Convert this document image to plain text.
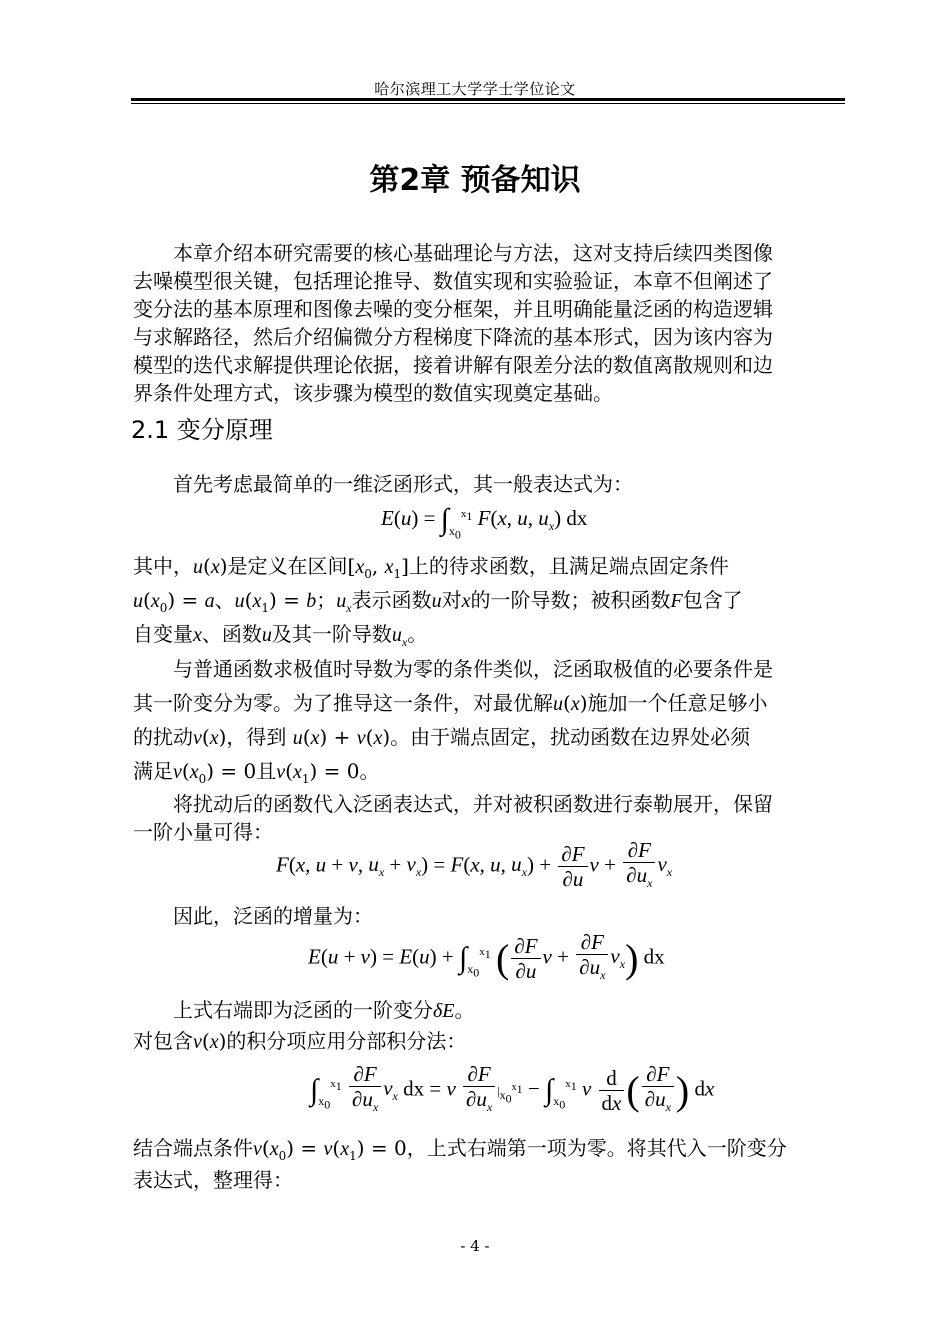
哈尔滨理工大学学士学位论文
第2章 预备知识
本章介绍本研究需要的核心基础理论与方法，这对支持后续四类图像
去噪模型很关键，包括理论推导、数值实现和实验验证，本章不但阐述了
变分法的基本原理和图像去噪的变分框架，并且明确能量泛函的构造逻辑
与求解路径，然后介绍偏微分方程梯度下降流的基本形式，因为该内容为
模型的迭代求解提供理论依据，接着讲解有限差分法的数值离散规则和边
界条件处理方式，该步骤为模型的数值实现奠定基础。
2.1 变分原理
首先考虑最简单的一维泛函形式，其一般表达式为：
$E(u) = \int_{x_0}^{x_1}$ F(x, u, $u_x$) dx
其中，u(x)是定义在区间[$x_0$, $x_1$]上的待求函数，且满足端点固定条件
$u(x_0) = a$、$u(x_1) = b$；$u_x$表示函数u对x的一阶导数；被积函数F包含了
自变量x、函数u及其一阶导数$u_x$。
与普通函数求极值时导数为零的条件类似，泛函取极值的必要条件是
其一阶变分为零。为了推导这一条件，对最优解u(x)施加一个任意足够小
的扰动v(x)，得到 u(x) + v(x)。由于端点固定，扰动函数在边界处必须
满足$v(x_0) = 0$且$v(x_1) = 0$。
将扰动后的函数代入泛函表达式，并对被积函数进行泰勒展开，保留
一阶小量可得：
F(x, u + v, $u_x + v_x) = F(x$, u, $u_x) + \frac{\partial F}{\partial u}$ $v + \frac{\partial F}{\partial u_x} v_x$
因此，泛函的增量为：
$E(u + v) = E(u) + \int_{x_0}^{x_1}$ ( $\frac{\partial F}{\partial u}$ $v + \frac{\partial F}{\partial u_x} v_x$) dx
上式右端即为泛函的一阶变分δE。
对包含v(x)的积分项应用分部积分法：
$\int_{x_0}^{x_1} \frac{\partial F}{\partial u_x} v_x$ dx = v $\frac{\partial F}{\partial u_x} |_{x_0}^{x_1} - \int_{x_0}^{x_1}$ v $\frac{d}{dx}$ ( $\frac{\partial F}{\partial u_x}$ ) dx
结合端点条件$v(x_0) = v(x_1) = 0$，上式右端第一项为零。将其代入一阶变分
表达式，整理得：
- 4 -
